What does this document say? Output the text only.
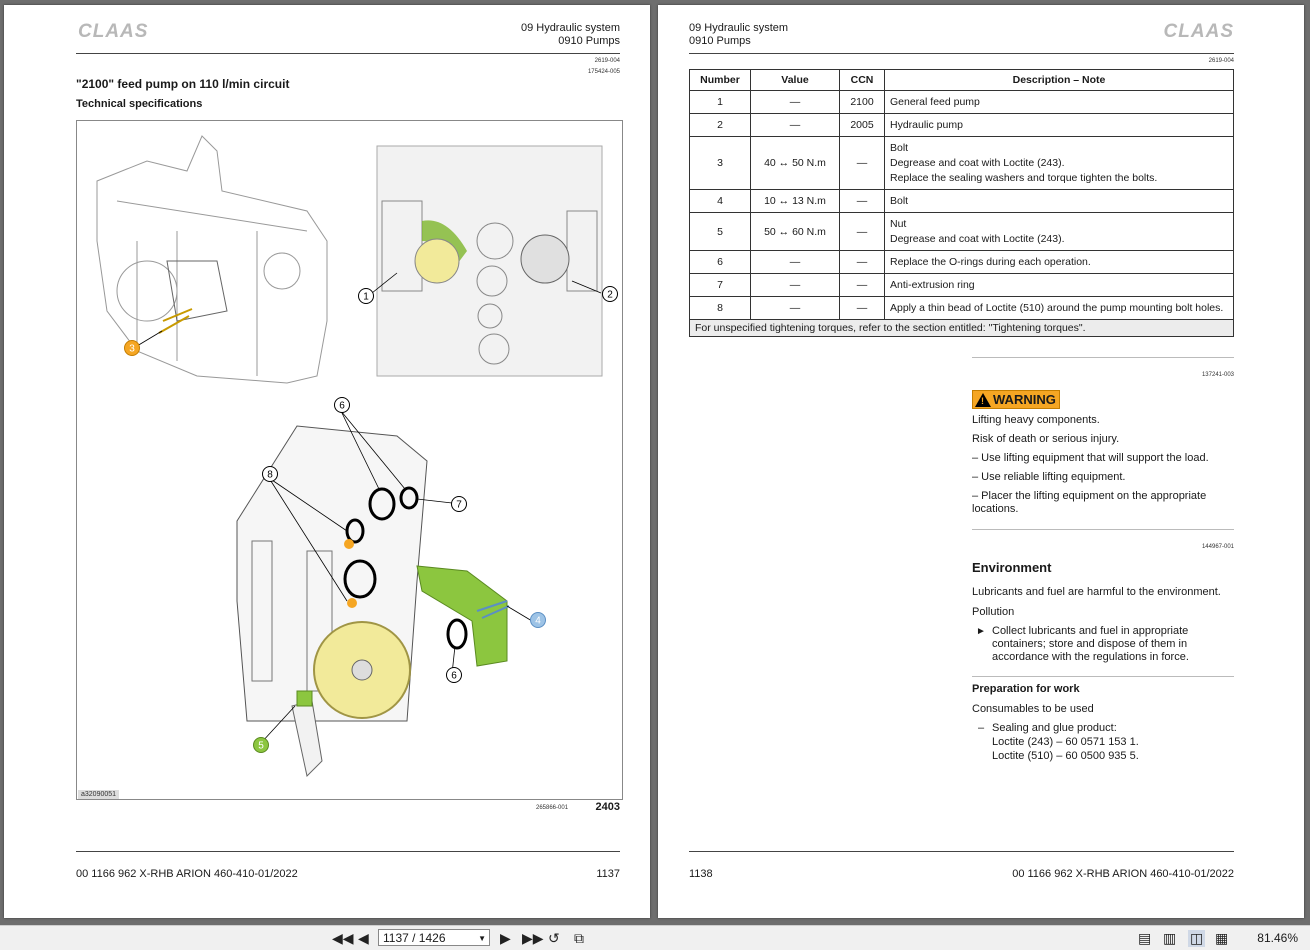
CLAAS	09 Hydraulic system
0910 Pumps
2619-004
175424-005
"2100" feed pump on 110 l/min circuit
Technical specifications
1	2
3
4
5
6
6
7
8
a32090051
265866-001 2403
00 1166 962 X-RHB ARION 460-410-01/2022	1137
09 Hydraulic system
0910 Pumps	CLAAS
2619-004
Number	Value	CCN	Description – Note
1	—	2100	General feed pump

2	—	2005	Hydraulic pump

3	40 ↔ 50 N.m	—	Bolt

Degrease and coat with Loctite (243).

Replace the sealing washers and torque tighten the bolts.

4	10 ↔ 13 N.m	—	Bolt

5	50 ↔ 60 N.m	—	Nut

Degrease and coat with Loctite (243).

6	—	—	Replace the O-rings during each operation.

7	—	—	Anti-extrusion ring

8	—	—	Apply a thin bead of Loctite (510) around the pump mounting bolt holes.

For unspecified tightening torques, refer to the section entitled: "Tightening torques".			
137241-003
! WARNING
Lifting heavy components.
Risk of death or serious injury.
– Use lifting equipment that will support the load.
– Use reliable lifting equipment.
– Placer the lifting equipment on the appropriate locations.
144967-001
Environment
Lubricants and fuel are harmful to the environment.
Pollution
► Collect lubricants and fuel in appropriate containers; store and dispose of them in accordance with the regulations in force.
Preparation for work
Consumables to be used
– Sealing and glue product:
Loctite (243) – 60 0571 153 1.
Loctite (510) – 60 0500 935 5.
1138	00 1166 962 X-RHB ARION 460-410-01/2022
◀◀ ◀	1137 / 1426	▼ ▶ ▶▶ ↺ ⧉	▤ ▥ ◫ ▦ 81.46%
